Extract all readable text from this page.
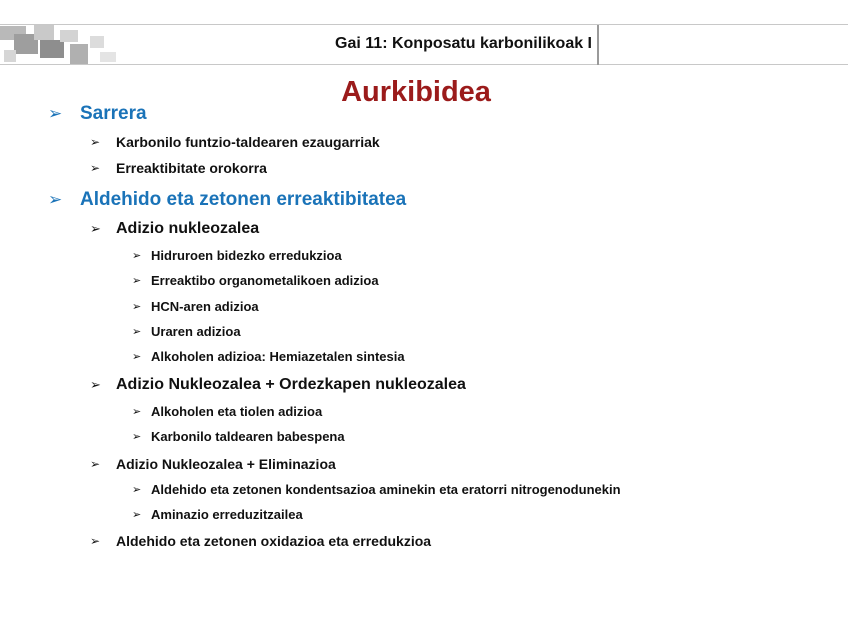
Gai 11: Konposatu karbonilikoak I
Aurkibidea
➢ Sarrera
➢	Karbonilo funtzio-taldearen ezaugarriak
➢	Erreaktibitate orokorra
➢ Aldehido eta zetonen erreaktibitatea
➢ Adizio nukleozalea
➢ Hidruroen bidezko erredukzioa
➢ Erreaktibo organometalikoen adizioa
➢ HCN-aren adizioa
➢ Uraren adizioa
➢ Alkoholen adizioa: Hemiazetalen sintesia
➢ Adizio Nukleozalea + Ordezkapen nukleozalea
➢ Alkoholen eta tiolen adizioa
➢ Karbonilo taldearen babespena
➢	Adizio Nukleozalea + Eliminazioa
➢ Aldehido eta zetonen kondentsazioa aminekin eta eratorri nitrogenodunekin
➢ Aminazio erreduzitzailea
➢	Aldehido eta zetonen oxidazioa eta erredukzioa
